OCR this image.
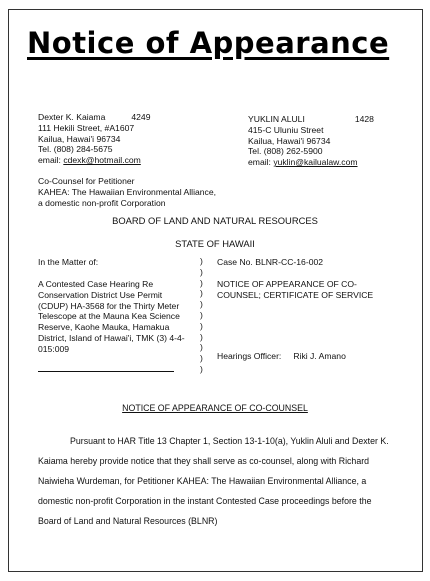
Notice of Appearance
Dexter K. Kaiama	4249
111 Hekili Street, #A1607
Kailua, Hawai'i 96734
Tel. (808) 284-5675
email: cdexk@hotmail.com
YUKLIN ALULI	1428
415-C Uluniu Street
Kailua, Hawai'i 96734
Tel. (808) 262-5900
email: yuklin@kailualaw.com
Co-Counsel for Petitioner
KAHEA: The Hawaiian Environmental Alliance,
a domestic non-profit Corporation
BOARD OF LAND AND NATURAL RESOURCES
STATE OF HAWAII
In the Matter of:
A Contested Case Hearing Re
Conservation District Use Permit
(CDUP) HA-3568 for the Thirty Meter
Telescope at the Mauna Kea Science
Reserve, Kaohe Mauka, Hamakua
District, Island of Hawai'i, TMK (3) 4-4-
015:009
)
)
)
)
)
)
)
)
)
)
)
Case No. BLNR-CC-16-002
NOTICE OF APPEARANCE OF CO-
COUNSEL; CERTIFICATE OF SERVICE
Hearings Officer: Riki J. Amano
NOTICE OF APPEARANCE OF CO-COUNSEL
Pursuant to HAR Title 13 Chapter 1, Section 13-1-10(a), Yuklin Aluli and Dexter K. Kaiama hereby provide notice that they shall serve as co-counsel, along with Richard Naiwieha Wurdeman, for Petitioner KAHEA: The Hawaiian Environmental Alliance, a domestic non-profit Corporation in the instant Contested Case proceedings before the Board of Land and Natural Resources (BLNR)
